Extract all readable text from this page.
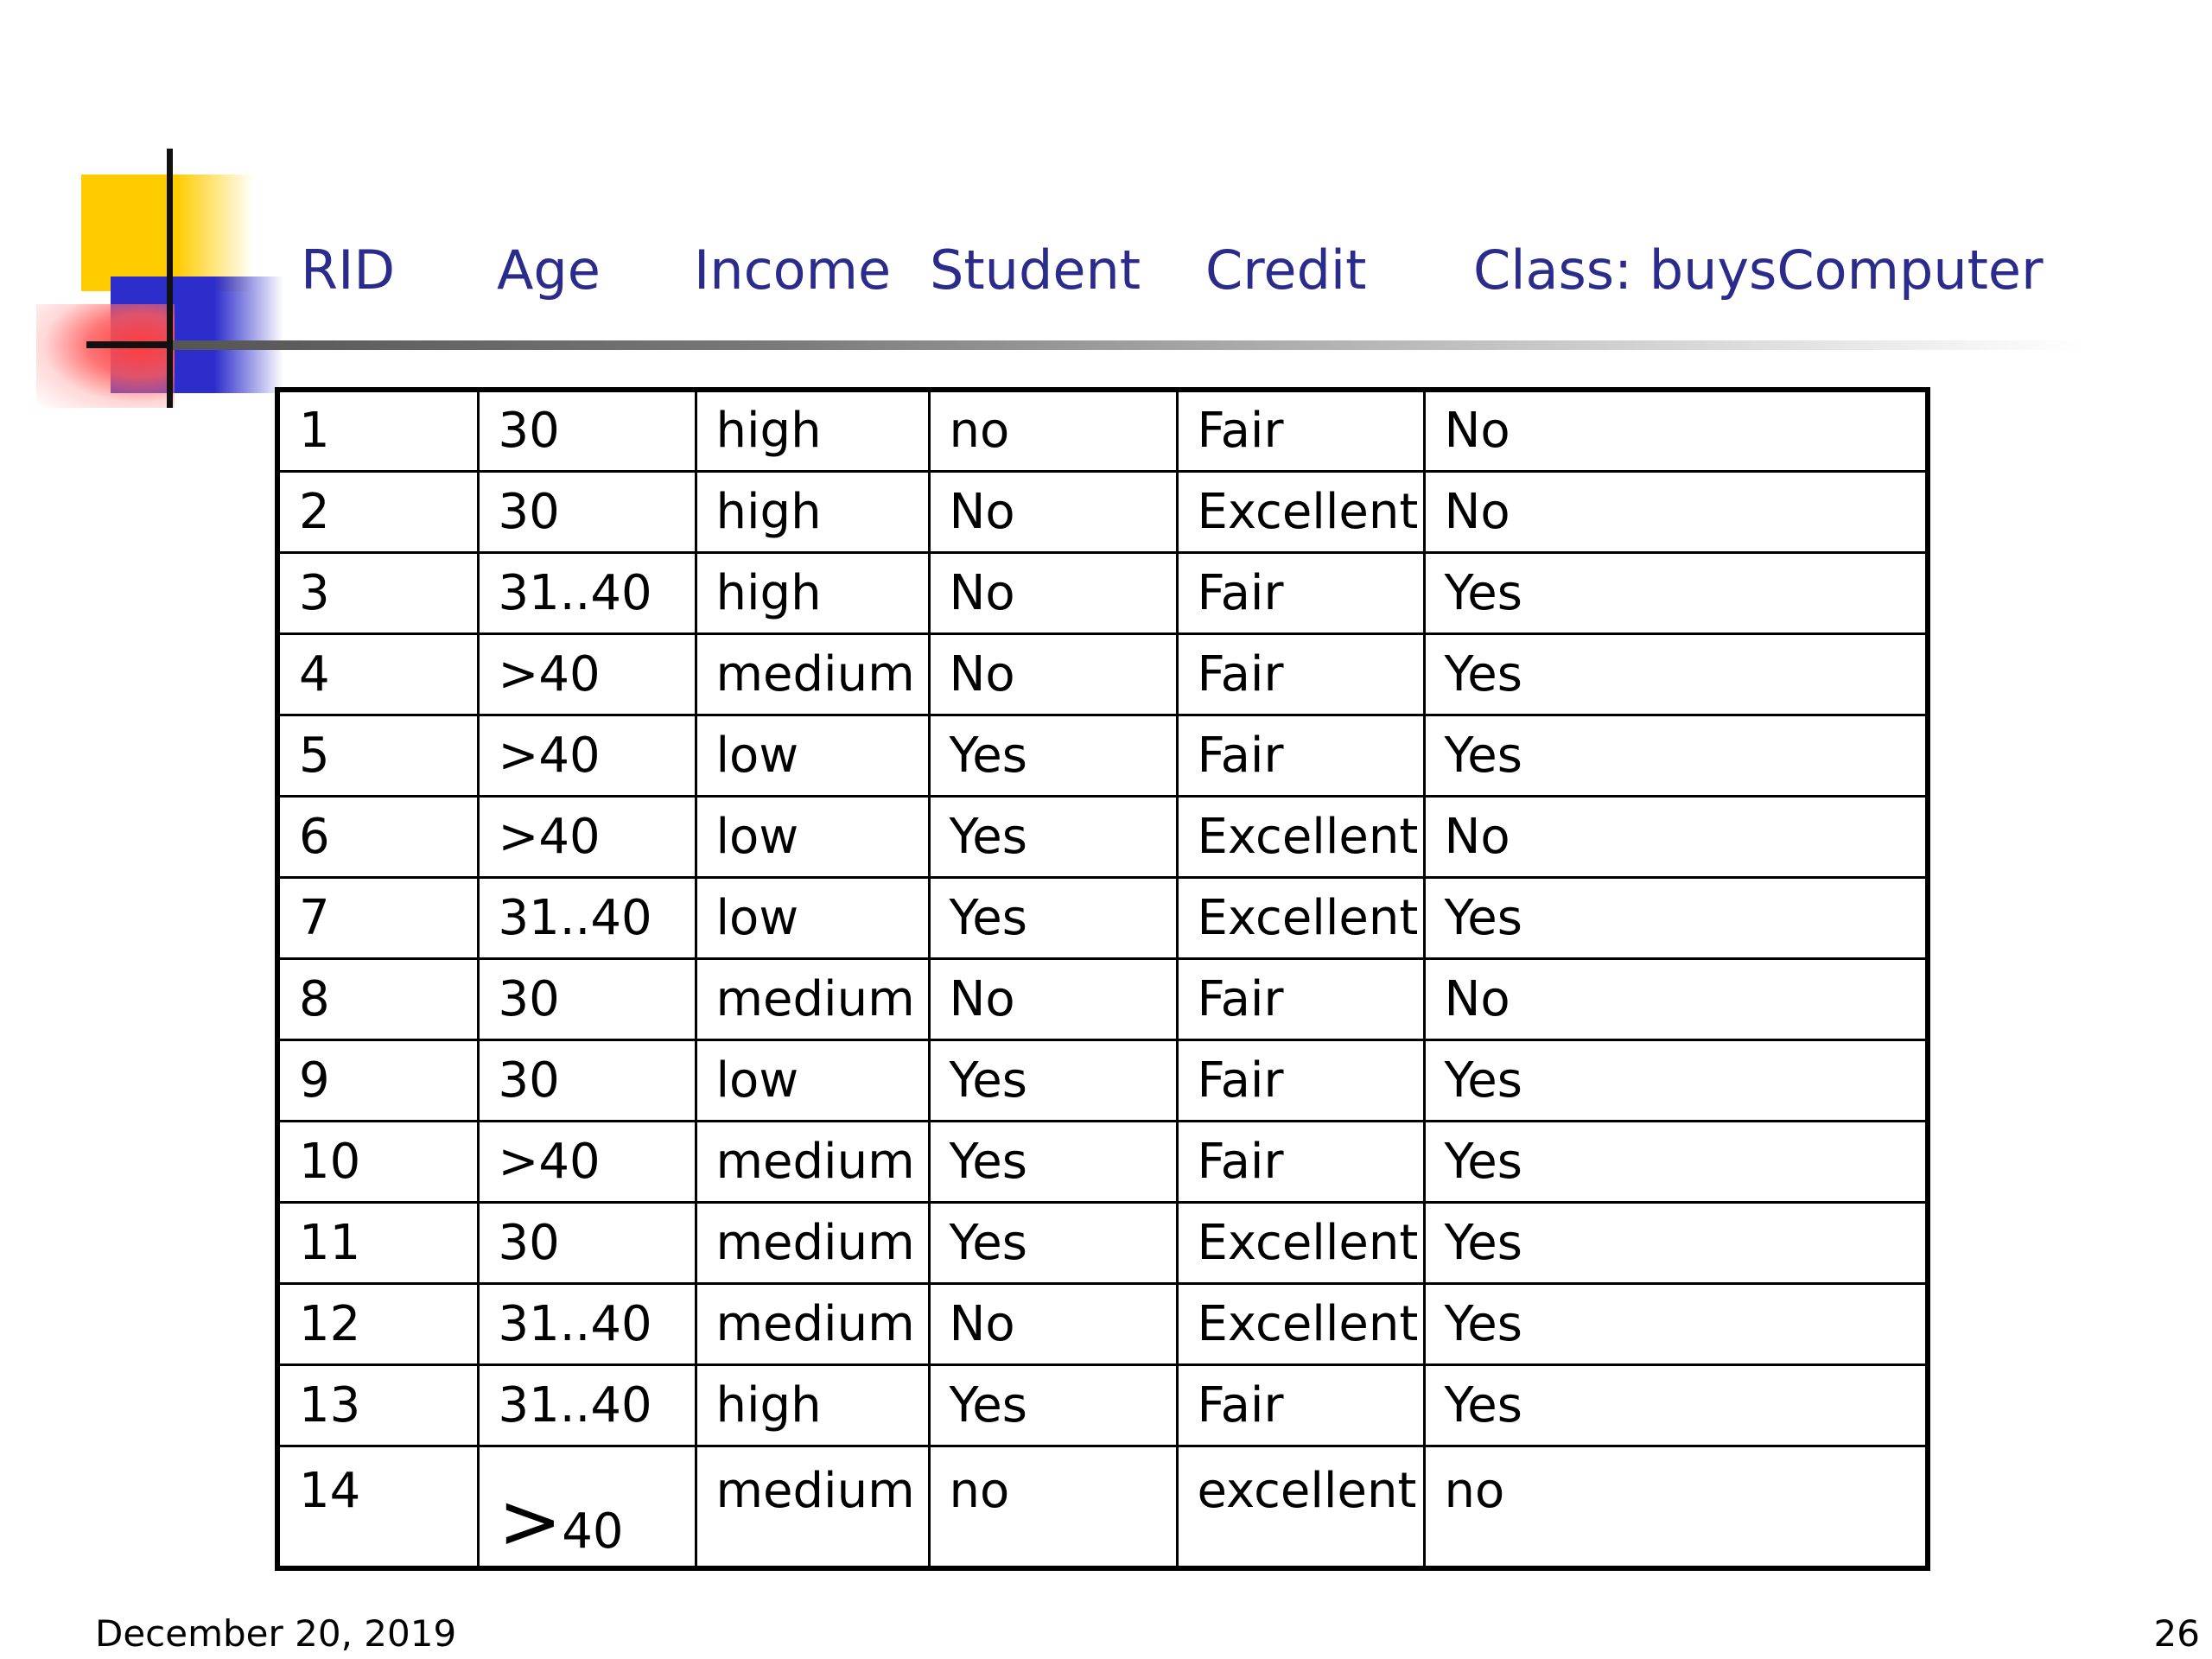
RID Age Income Student Credit Class: buysComputer

1	30	high	no	Fair	No
2	30	high	No	Excellent	No
3	31..40	high	No	Fair	Yes
4	>40	medium	No	Fair	Yes
5	>40	low	Yes	Fair	Yes
6	>40	low	Yes	Excellent	No
7	31..40	low	Yes	Excellent	Yes
8	30	medium	No	Fair	No
9	30	low	Yes	Fair	Yes
10	>40	medium	Yes	Fair	Yes
11	30	medium	Yes	Excellent	Yes
12	31..40	medium	No	Excellent	Yes
13	31..40	high	Yes	Fair	Yes
14	>40	medium	no	excellent	no
December 20, 2019	26
